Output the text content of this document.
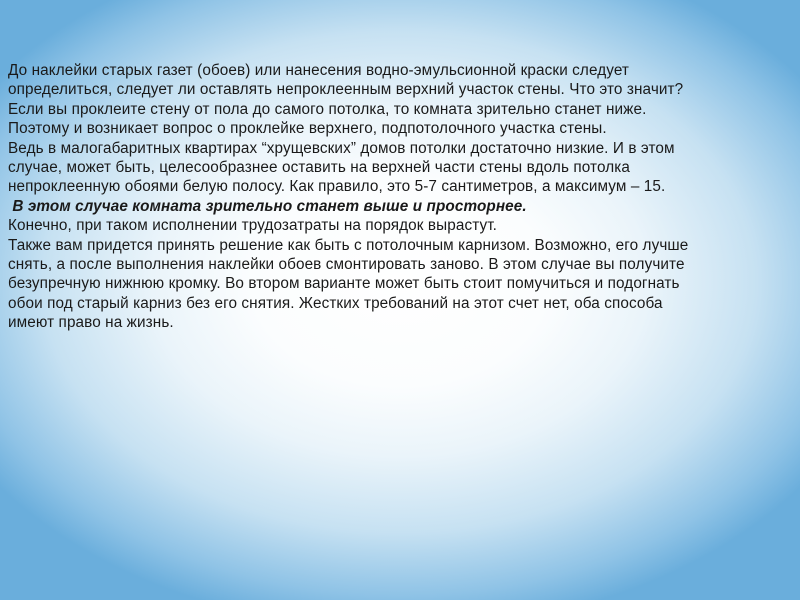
До наклейки старых газет (обоев) или нанесения водно-эмульсионной краски следует
определиться, следует ли оставлять непроклеенным верхний участок стены. Что это значит?
Если вы проклеите стену от пола до самого потолка, то комната зрительно станет ниже.
Поэтому и возникает вопрос о проклейке верхнего, подпотолочного участка стены.
Ведь в малогабаритных квартирах “хрущевских” домов потолки достаточно низкие. И в этом
случае, может быть, целесообразнее оставить на верхней части стены вдоль потолка
непроклеенную обоями белую полосу. Как правило, это 5-7 сантиметров, а максимум – 15.
В этом случае комната зрительно станет выше и просторнее.
Конечно, при таком исполнении трудозатраты на порядок вырастут.
Также вам придется принять решение как быть с потолочным карнизом. Возможно, его лучше
снять, а после выполнения наклейки обоев смонтировать заново. В этом случае вы получите
безупречную нижнюю кромку. Во втором варианте может быть стоит помучиться и подогнать
обои под старый карниз без его снятия. Жестких требований на этот счет нет, оба способа
имеют право на жизнь.
